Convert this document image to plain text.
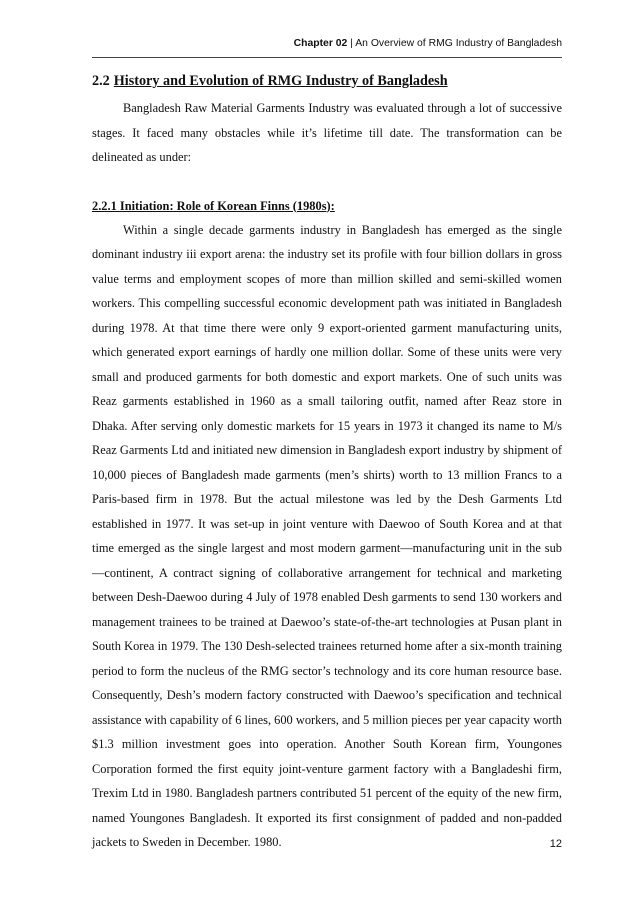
Chapter 02 | An Overview of RMG Industry of Bangladesh
2.2 History and Evolution of RMG Industry of Bangladesh

Bangladesh Raw Material Garments Industry was evaluated through a lot of successive stages. It faced many obstacles while it’s lifetime till date. The transformation can be delineated as under:

2.2.1 Initiation: Role of Korean Finns (1980s):

Within a single decade garments industry in Bangladesh has emerged as the single dominant industry iii export arena: the industry set its profile with four billion dollars in gross value terms and employment scopes of more than million skilled and semi-skilled women workers. This compelling successful economic development path was initiated in Bangladesh during 1978. At that time there were only 9 export-oriented garment manufacturing units, which generated export earnings of hardly one million dollar. Some of these units were very small and produced garments for both domestic and export markets. One of such units was Reaz garments established in 1960 as a small tailoring outfit, named after Reaz store in Dhaka. After serving only domestic markets for 15 years in 1973 it changed its name to M/s Reaz Garments Ltd and initiated new dimension in Bangladesh export industry by shipment of 10,000 pieces of Bangladesh made garments (men’s shirts) worth to 13 million Francs to a Paris-based firm in 1978. But the actual milestone was led by the Desh Garments Ltd established in 1977. It was set-up in joint venture with Daewoo of South Korea and at that time emerged as the single largest and most modern garment—manufacturing unit in the sub—continent, A contract signing of collaborative arrangement for technical and marketing between Desh-Daewoo during 4 July of 1978 enabled Desh garments to send 130 workers and management trainees to be trained at Daewoo’s state-of-the-art technologies at Pusan plant in South Korea in 1979. The 130 Desh-selected trainees returned home after a six-month training period to form the nucleus of the RMG sector’s technology and its core human resource base. Consequently, Desh’s modern factory constructed with Daewoo’s specification and technical assistance with capability of 6 lines, 600 workers, and 5 million pieces per year capacity worth $1.3 million investment goes into operation. Another South Korean firm, Youngones Corporation formed the first equity joint-venture garment factory with a Bangladeshi firm, Trexim Ltd in 1980. Bangladesh partners contributed 51 percent of the equity of the new firm, named Youngones Bangladesh. It exported its first consignment of padded and non-padded jackets to Sweden in December. 1980.	12
